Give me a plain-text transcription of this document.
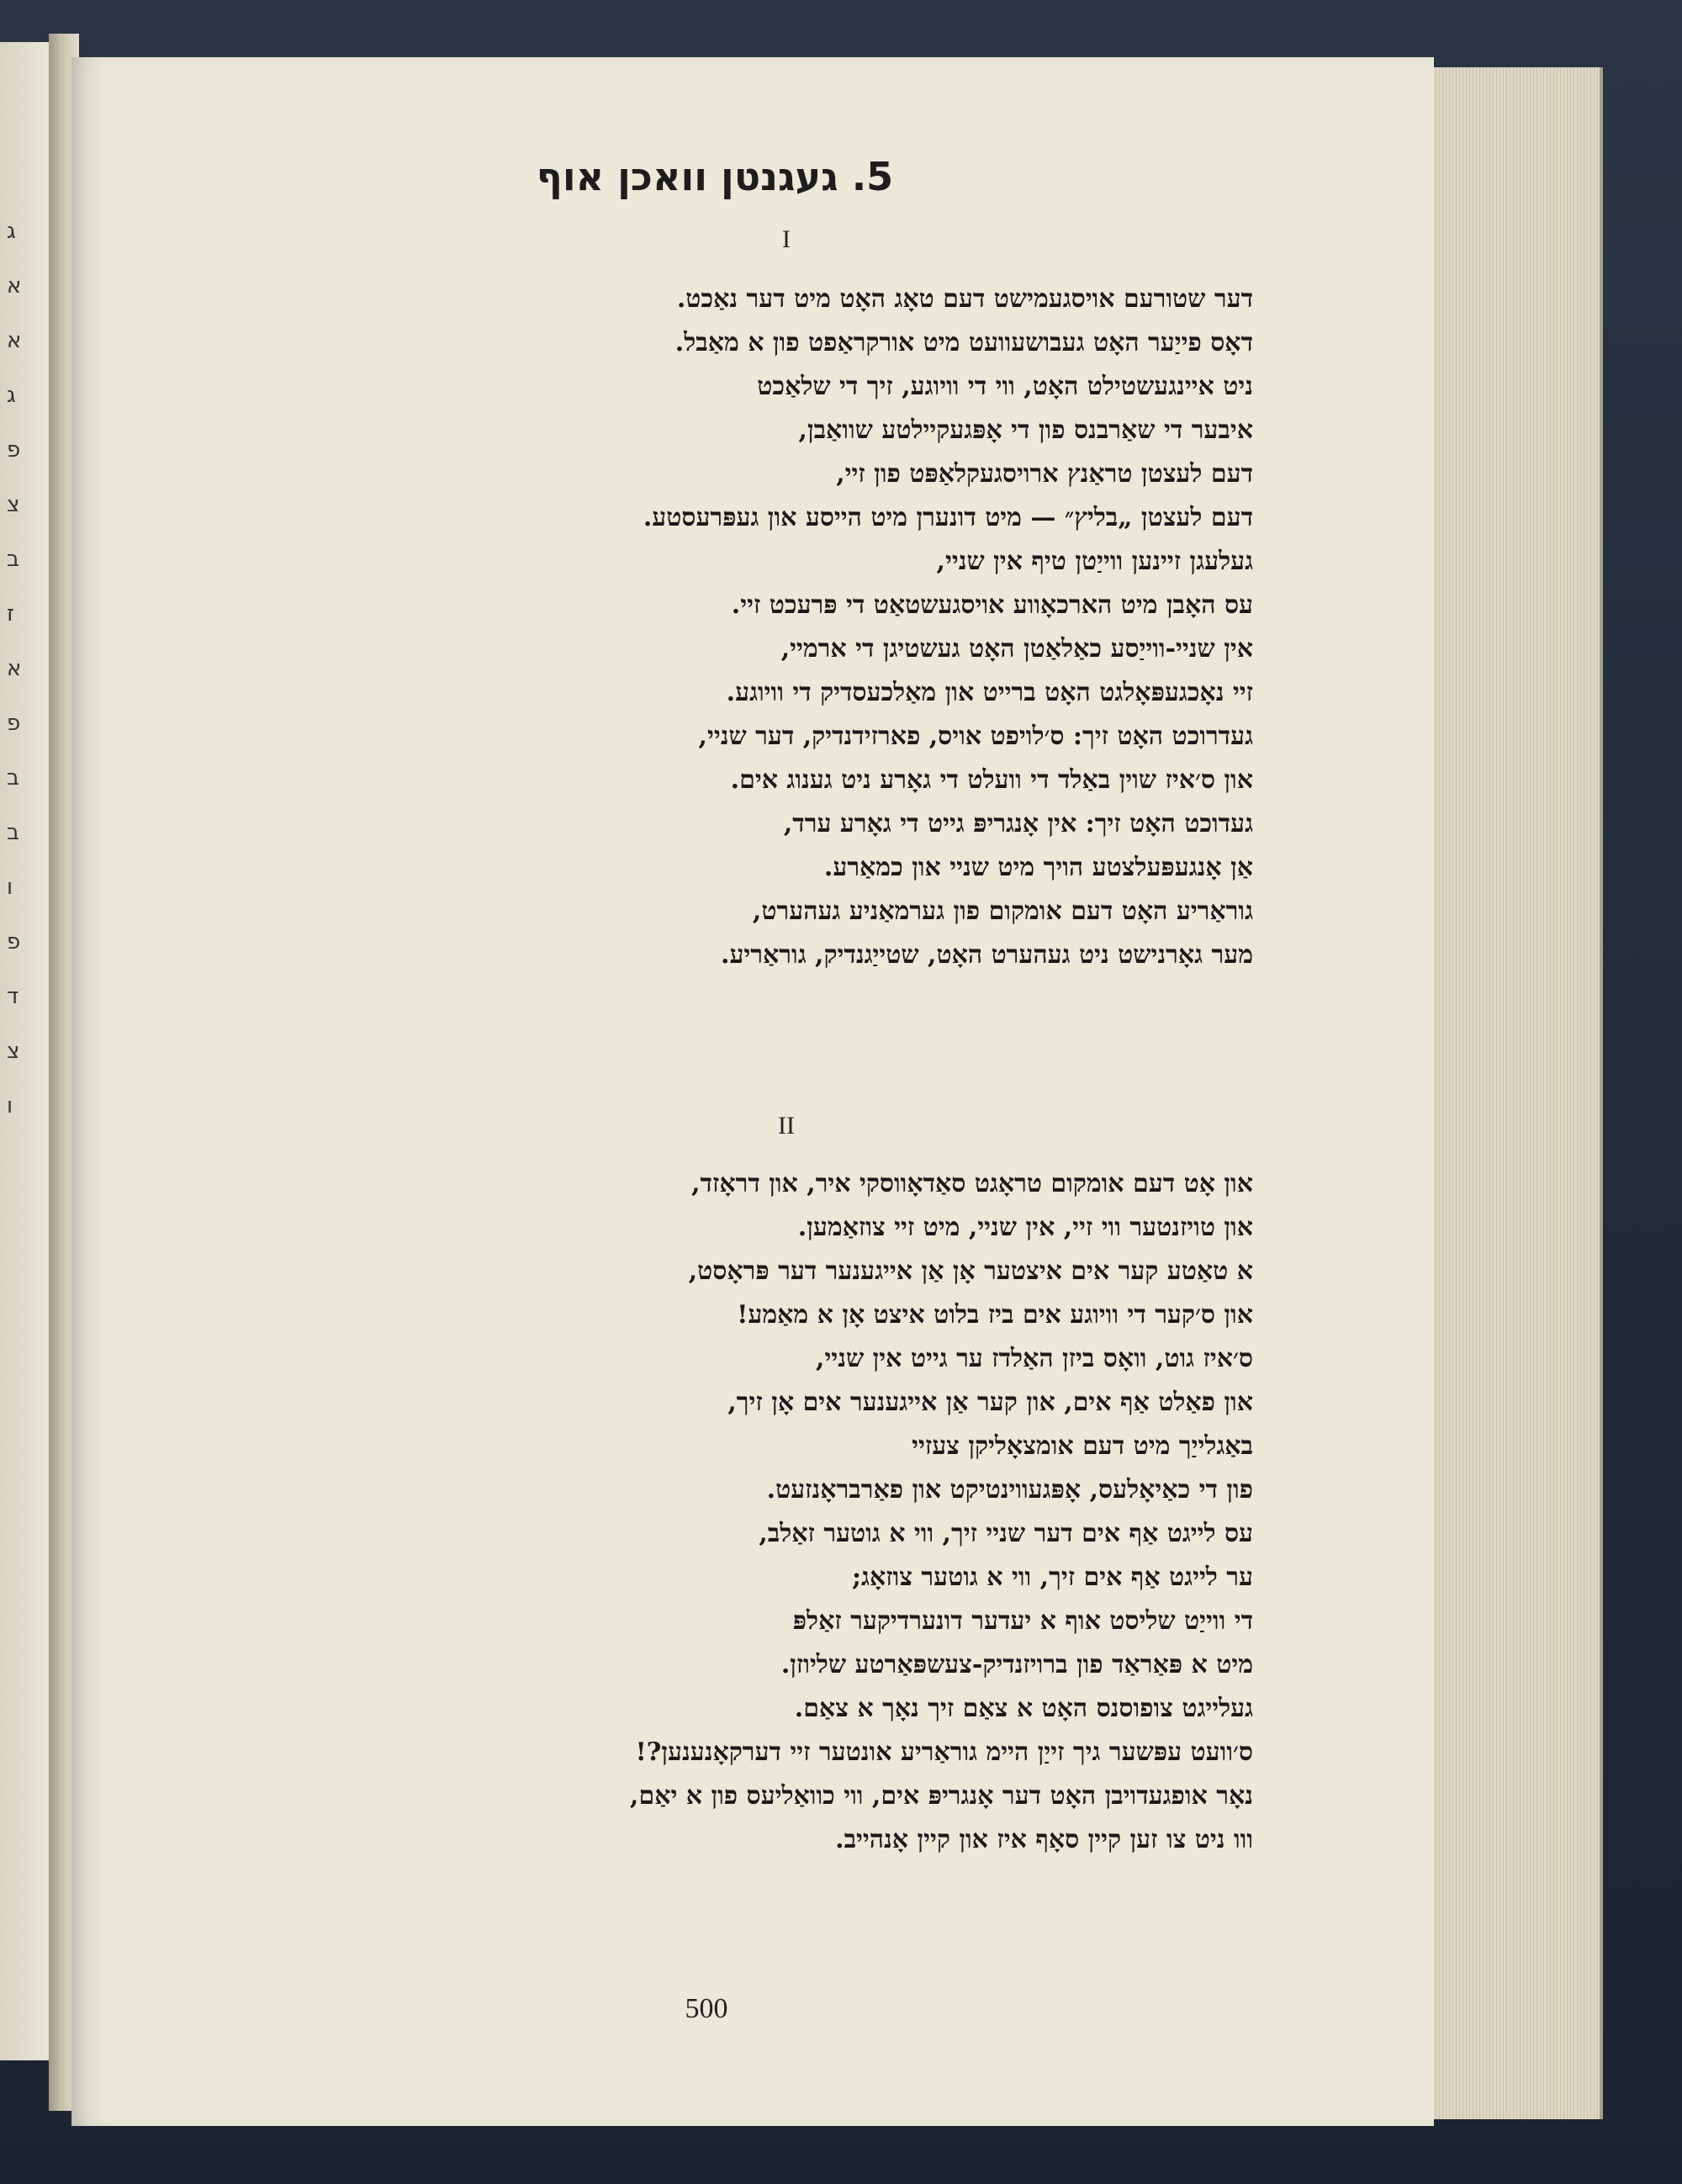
ג
א
א
ג
פ
צ
ב
ז
א
פ
ב
ב
ו
פ
ד
צ
ו
5. געגנטן וואכן אוף
I
דער שטורעם אויסגעמישט דעם טאָג האָט מיט דער נאַכט.
דאָס פייַער האָט געבושעוועט מיט אורקראַפט פון א מאַבל.
ניט איינגעשטילט האָט, ווי די וויוגע, זיך די שלאַכט
איבער די שאַרבנס פון די אָפּגעקיילטע שוואַבן,
דעם לעצטן טראַנץ ארויסגעקלאַפּט פון זיי,
דעם לעצטן „בליץ״ — מיט דונערן מיט הייסע און געפּרעסטע.
געלעגן זיינען ווייַטן טיף אין שניי,
עס האָבן מיט הארכאָווע אויסגעשטאַט די פּרעכט זיי.
אין שניי-ווייַסע כאַלאַטן האָט געשטיגן די ארמיי,
זיי נאָכגעפּאָלגט האָט ברייט און מאַלכעסדיק די וויוגע.
געדרוכט האָט זיך: ס׳לויפט אויס, פארזידנדיק, דער שניי,
און ס׳איז שוין באַלד די וועלט די גאָרע ניט גענוג אים.
געדוכט האָט זיך: אין אָנגריפּ גייט די גאָרע ערד,
אַן אָנגעפּעלצטע הויך מיט שניי און כמאַרע.
גוראַריע האָט דעם אומקום פון גערמאַניע געהערט,
מער גאָרנישט ניט געהערט האָט, שטייַגנדיק, גוראַריע.
II
און אָט דעם אומקום טראָגט סאַדאָווסקי איר, און דראָזד,
און טויזנטער ווי זיי, אין שניי, מיט זיי צוזאַמען.
א טאַטע קער אים איצטער אָן אַן אייגענער דער פּראָסט,
און ס׳קער די וויוגע אים ביז בלוט איצט אָן א מאַמע!
ס׳איז גוט, וואָס ביזן האַלדז ער גייט אין שניי,
און פאַלט אַף אים, און קער אַן אייגענער אים אָן זיך,
באַגלייַך מיט דעם אומצאָליקן צעזיי
פון די כאַיאָלעס, אָפּגעווינטיקט און פאַרבראָנזעט.
עס לייגט אַף אים דער שניי זיך, ווי א גוטער זאַלב,
ער לייגט אַף אים זיך, ווי א גוטער צוזאָג;
די ווייַט שליסט אוף א יעדער דונערדיקער זאַלפּ
מיט א פּאַראַד פון ברויזנדיק-צעשפּאַרטע שליוזן.
געלייגט צופוסנס האָט א צאַם זיך נאָך א צאַם.
ס׳וועט עפּשער גיך זייַן היימ גוראַריע אונטער זיי דערקאָנענען?!
נאָר אופגעדויבן האָט דער אָנגריפּ אים, ווי כוואַליעס פון א יאַם,
ווו ניט צו זען קיין סאָף איז און קיין אָנהייב.
500
